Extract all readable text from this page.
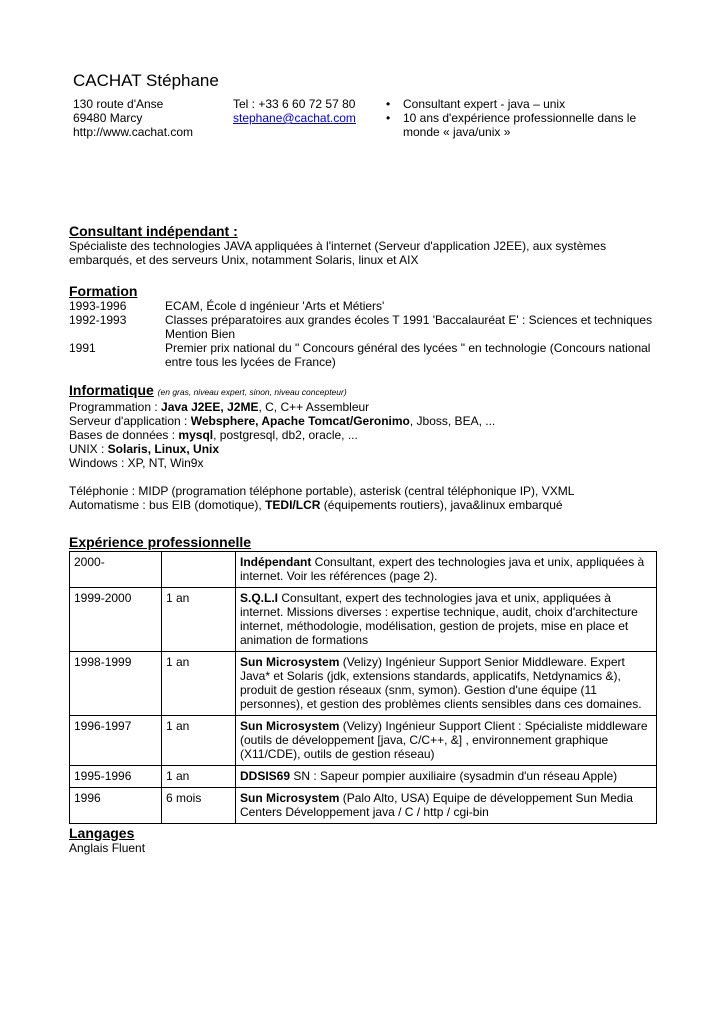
CACHAT Stéphane
130 route d'Anse
69480 Marcy
http://www.cachat.com
Tel : +33 6 60 72 57 80
stephane@cachat.com
• Consultant expert - java – unix
• 10 ans d'expérience professionnelle dans le monde « java/unix »
Consultant indépendant :

Spécialiste des technologies JAVA appliquées à l'internet (Serveur d'application J2EE), aux systèmes embarqués, et des serveurs Unix, notamment Solaris, linux et AIX

Formation
1993-1996	ECAM, École d ingénieur 'Arts et Métiers'
1992-1993	Classes préparatoires aux grandes écoles T 1991 'Baccalauréat E' : Sciences et techniques Mention Bien
1991	Premier prix national du " Concours général des lycées " en technologie (Concours national entre tous les lycées de France)
Informatique (en gras, niveau expert, sinon, niveau concepteur)
Programmation : Java J2EE, J2ME, C, C++ Assembleur
Serveur d'application : Websphere, Apache Tomcat/Geronimo, Jboss, BEA, ...
Bases de données : mysql, postgresql, db2, oracle, ...
UNIX : Solaris, Linux, Unix
Windows : XP, NT, Win9x
Téléphonie : MIDP (programation téléphone portable), asterisk (central téléphonique IP), VXML
Automatisme : bus EIB (domotique), TEDI/LCR (équipements routiers), java&linux embarqué
Expérience professionnelle
2000-		Indépendant Consultant, expert des technologies java et unix, appliquées à internet. Voir les références (page 2).
1999-2000	1 an	S.Q.L.I Consultant, expert des technologies java et unix, appliquées à internet. Missions diverses : expertise technique, audit, choix d'architecture internet, méthodologie, modélisation, gestion de projets, mise en place et animation de formations
1998-1999	1 an	Sun Microsystem (Velizy) Ingénieur Support Senior Middleware. Expert Java* et Solaris (jdk, extensions standards, applicatifs, Netdynamics &), produit de gestion réseaux (snm, symon). Gestion d'une équipe (11 personnes), et gestion des problèmes clients sensibles dans ces domaines.
1996-1997	1 an	Sun Microsystem (Velizy) Ingénieur Support Client : Spécialiste middleware (outils de développement [java, C/C++, &] , environnement graphique (X11/CDE), outils de gestion réseau)
1995-1996	1 an	DDSIS69 SN : Sapeur pompier auxiliaire (sysadmin d'un réseau Apple)
1996	6 mois	Sun Microsystem (Palo Alto, USA) Equipe de développement Sun Media Centers Développement java / C / http / cgi-bin
Langages

Anglais Fluent
